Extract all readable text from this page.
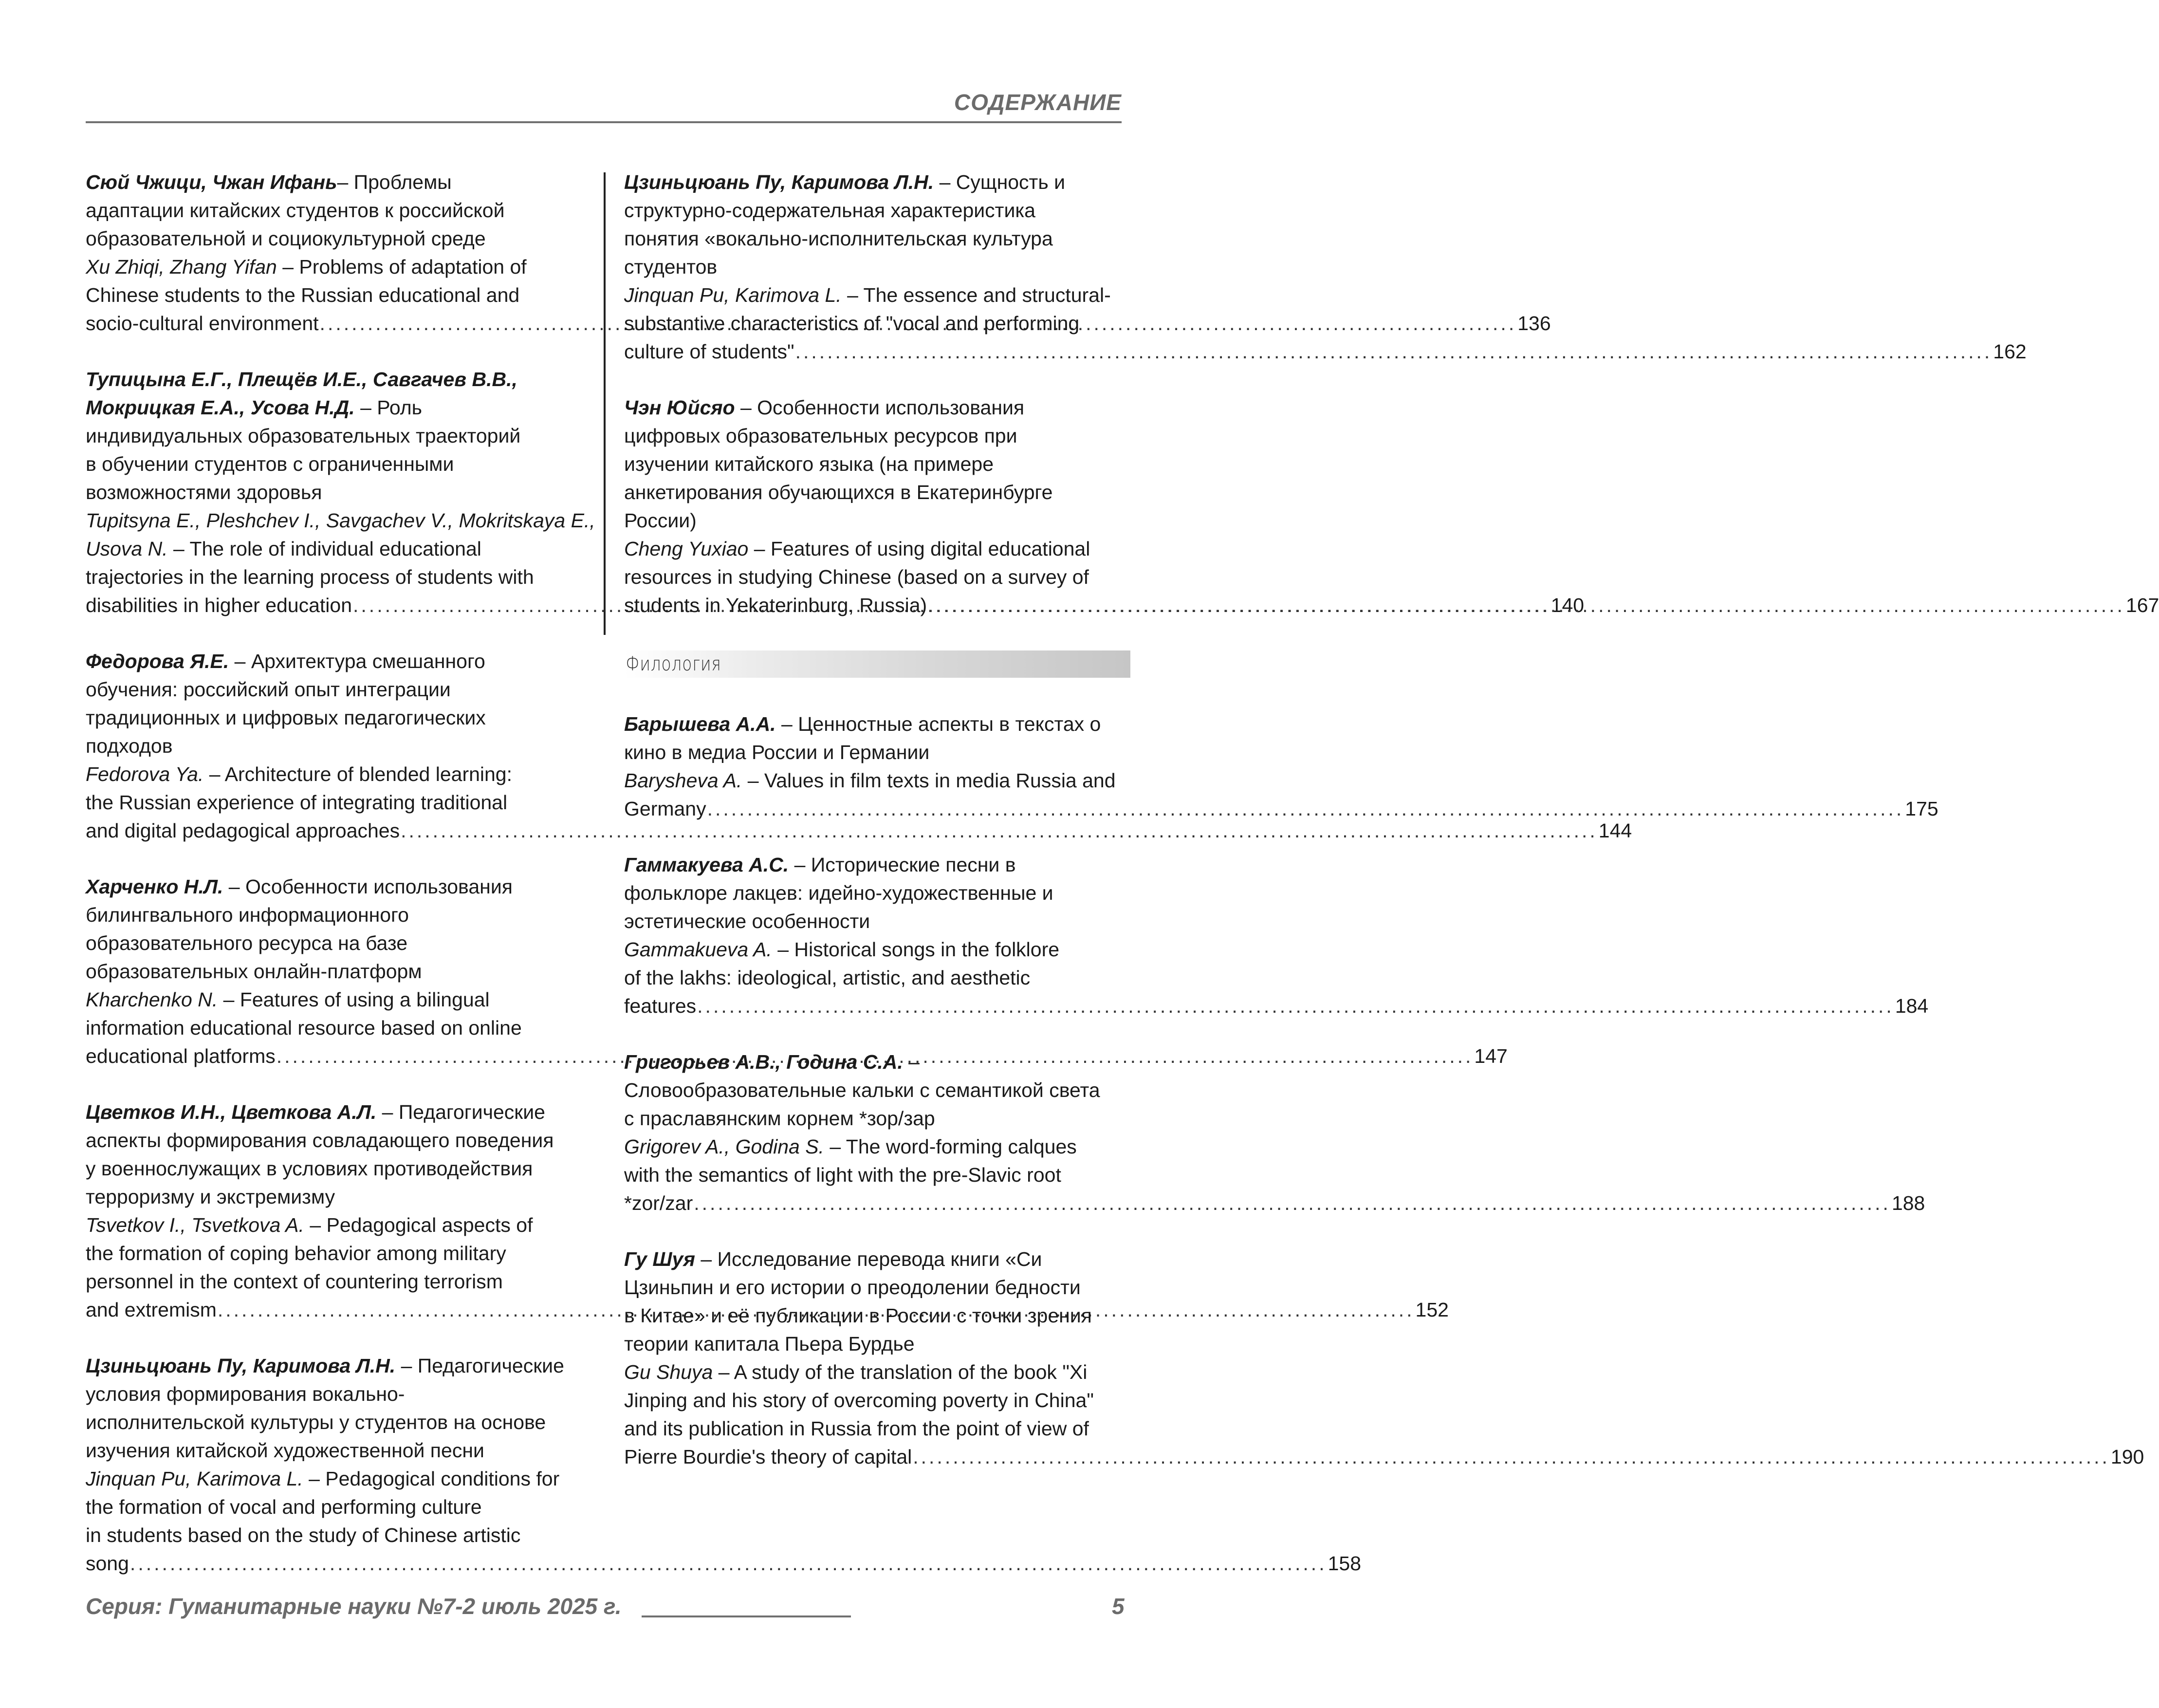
СОДЕРЖАНИЕ
Сюй Чжици, Чжан Ифань– Проблемы
адаптации китайских студентов к российской
образовательной и социокультурной среде
Xu Zhiqi, Zhang Yifan – Problems of adaptation of
Chinese students to the Russian educational and
socio-cultural environment .....	136
Тупицына Е.Г., Плещёв И.Е., Савгачев В.В.,
Мокрицкая Е.А., Усова Н.Д. – Роль
индивидуальных образовательных траекторий
в обучении студентов с ограниченными
возможностями здоровья
Tupitsyna E., Pleshchev I., Savgachev V., Mokritskaya E.,
Usova N. – The role of individual educational
trajectories in the learning process of students with
disabilities in higher education .....	140
Федорова Я.Е. – Архитектура смешанного
обучения: российский опыт интеграции
традиционных и цифровых педагогических
подходов
Fedorova Ya. – Architecture of blended learning:
the Russian experience of integrating traditional
and digital pedagogical approaches .....	144
Харченко Н.Л. – Особенности использования
билингвального информационного
образовательного ресурса на базе
образовательных онлайн-платформ
Kharchenko N. – Features of using a bilingual
information educational resource based on online
educational platforms .....	147
Цветков И.Н., Цветкова А.Л. – Педагогические
аспекты формирования совладающего поведения
у военнослужащих в условиях противодействия
терроризму и экстремизму
Tsvetkov I., Tsvetkova A. – Pedagogical aspects of
the formation of coping behavior among military
personnel in the context of countering terrorism
and extremism .....	152
Цзиньцюань Пу, Каримова Л.Н. – Педагогические
условия формирования вокально-
исполнительской культуры у студентов на основе
изучения китайской художественной песни
Jinquan Pu, Karimova L. – Pedagogical conditions for
the formation of vocal and performing culture
in students based on the study of Chinese artistic
song .....	158
Цзиньцюань Пу, Каримова Л.Н. – Сущность и
структурно-содержательная характеристика
понятия «вокально-исполнительская культура
студентов
Jinquan Pu, Karimova L. – The essence and structural-
substantive characteristics of "vocal and performing
culture of students" .....	162
Чэн Юйсяо – Особенности использования
цифровых образовательных ресурсов при
изучении китайского языка (на примере
анкетирования обучающихся в Екатеринбурге
России)
Cheng Yuxiao – Features of using digital educational
resources in studying Chinese (based on a survey of
students in Yekaterinburg, Russia) .....	167
Филология
Барышева А.А. – Ценностные аспекты в текстах о
кино в медиа России и Германии
Barysheva A. – Values in film texts in media Russia and
Germany .....	175
Гаммакуева А.С. – Исторические песни в
фольклоре лакцев: идейно-художественные и
эстетические особенности
Gammakueva A. – Historical songs in the folklore
of the lakhs: ideological, artistic, and aesthetic
features .....	184
Григорьев А.В., Година С.А. –
Словообразовательные кальки с семантикой света
с праславянским корнем *зор/зар
Grigorev A., Godina S. – The word-forming calques
with the semantics of light with the pre-Slavic root
*zor/zar .....	188
Гу Шуя – Исследование перевода книги «Си
Цзиньпин и его истории о преодолении бедности
в Китае» и её публикации в России с точки зрения
теории капитала Пьера Бурдье
Gu Shuya – A study of the translation of the book "Xi
Jinping and his story of overcoming poverty in China"
and its publication in Russia from the point of view of
Pierre Bourdie's theory of capital .....	190
Серия: Гуманитарные науки №7-2 июль 2025 г.	5
